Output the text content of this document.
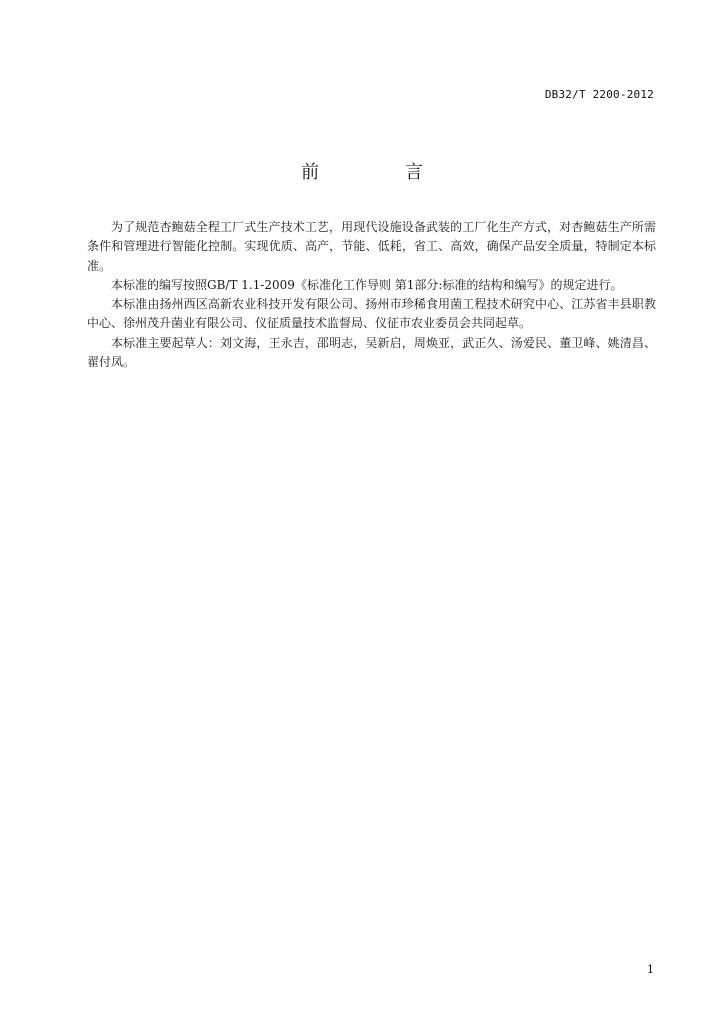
DB32/T 2200-2012
前 言

为了规范杏鲍菇全程工厂式生产技术工艺，用现代设施设备武装的工厂化生产方式，对杏鲍菇生产所需条件和管理进行智能化控制。实现优质、高产，节能、低耗，省工、高效，确保产品安全质量，特制定本标准。

本标准的编写按照GB/T 1.1-2009《标准化工作导则 第1部分:标准的结构和编写》的规定进行。

本标准由扬州西区高新农业科技开发有限公司、扬州市珍稀食用菌工程技术研究中心、江苏省丰县职教中心、徐州茂升菌业有限公司、仪征质量技术监督局、仪征市农业委员会共同起草。

本标准主要起草人：刘文海，王永吉，邵明志，吴新启，周焕亚，武正久、汤爱民、董卫峰、姚清昌、翟付凤。

1
